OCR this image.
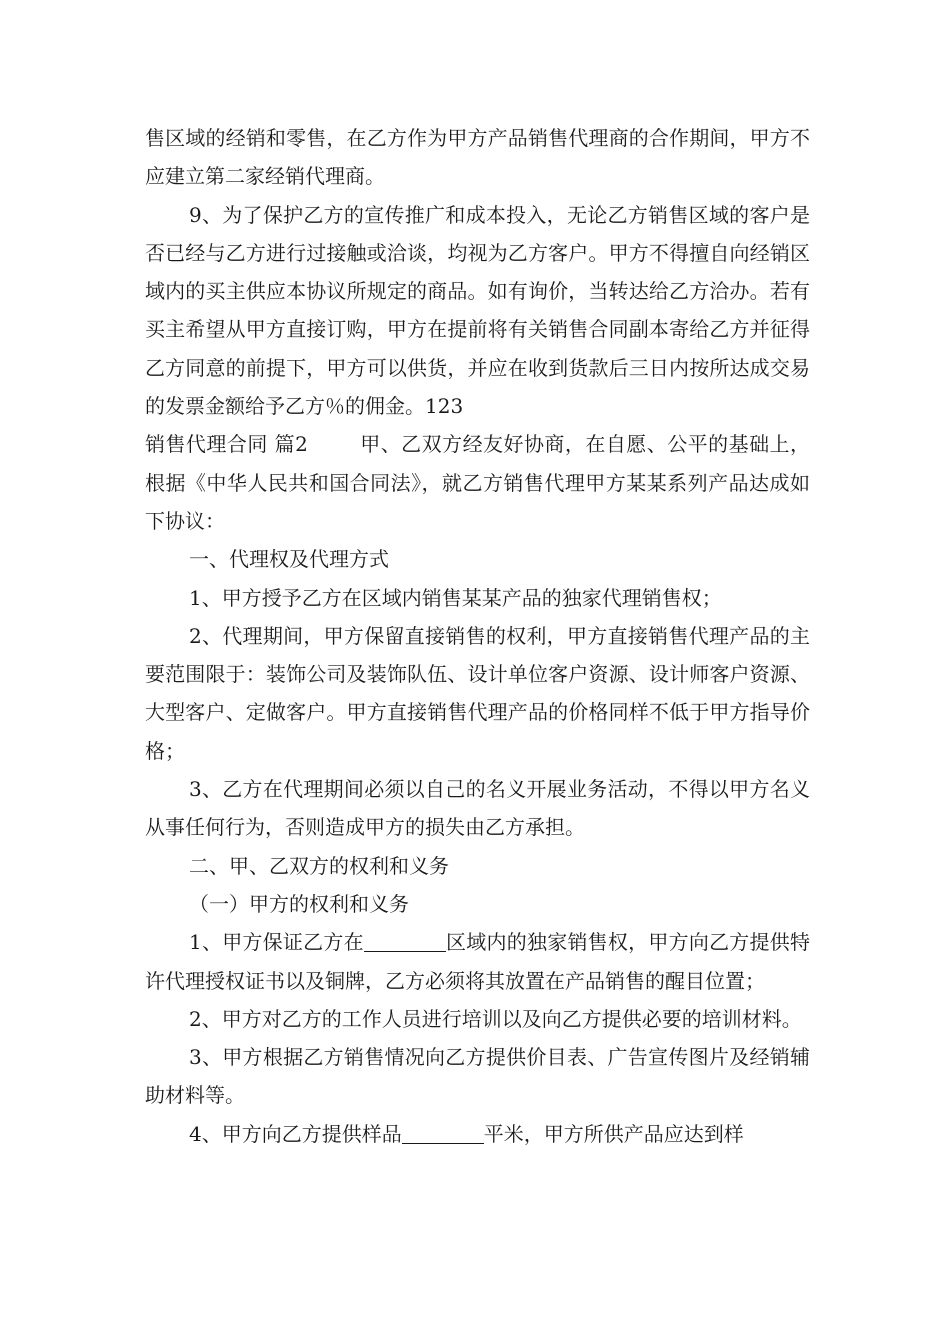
售区域的经销和零售，在乙方作为甲方产品销售代理商的合作期间，甲方不应建立第二家经销代理商。

9、为了保护乙方的宣传推广和成本投入，无论乙方销售区域的客户是否已经与乙方进行过接触或洽谈，均视为乙方客户。甲方不得擅自向经销区域内的买主供应本协议所规定的商品。如有询价，当转达给乙方洽办。若有买主希望从甲方直接订购，甲方在提前将有关销售合同副本寄给乙方并征得乙方同意的前提下，甲方可以供货，并应在收到货款后三日内按所达成交易的发票金额给予乙方％的佣金。123

销售代理合同 篇2	甲、乙双方经友好协商，在自愿、公平的基础上，根据《中华人民共和国合同法》，就乙方销售代理甲方某某系列产品达成如下协议：

一、代理权及代理方式

1、甲方授予乙方在区域内销售某某产品的独家代理销售权；

2、代理期间，甲方保留直接销售的权利，甲方直接销售代理产品的主要范围限于：装饰公司及装饰队伍、设计单位客户资源、设计师客户资源、大型客户、定做客户。甲方直接销售代理产品的价格同样不低于甲方指导价格；

3、乙方在代理期间必须以自己的名义开展业务活动，不得以甲方名义从事任何行为，否则造成甲方的损失由乙方承担。

二、甲、乙双方的权利和义务

（一）甲方的权利和义务

1、甲方保证乙方在	区域内的独家销售权，甲方向乙方提供特许代理授权证书以及铜牌，乙方必须将其放置在产品销售的醒目位置；

2、甲方对乙方的工作人员进行培训以及向乙方提供必要的培训材料。

3、甲方根据乙方销售情况向乙方提供价目表、广告宣传图片及经销辅助材料等。

4、甲方向乙方提供样品	平米，甲方所供产品应达到样
